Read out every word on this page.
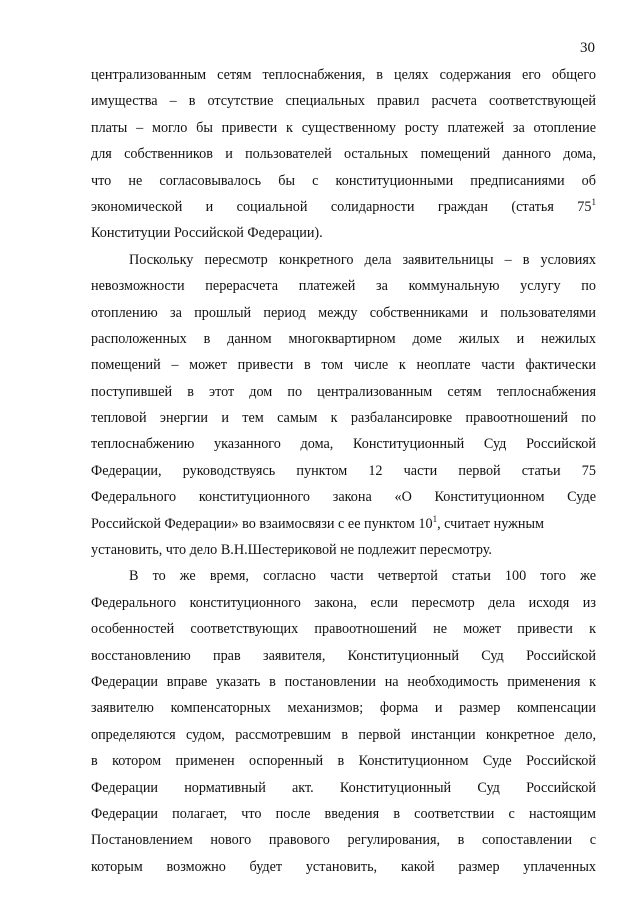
30
централизованным сетям теплоснабжения, в целях содержания его общего
имущества – в отсутствие специальных правил расчета соответствующей
платы – могло бы привести к существенному росту платежей за отопление
для собственников и пользователей остальных помещений данного дома,
что не согласовывалось бы с конституционными предписаниями об
экономической и социальной солидарности граждан (статья $75^1$
Конституции Российской Федерации).
Поскольку пересмотр конкретного дела заявительницы – в условиях
невозможности перерасчета платежей за коммунальную услугу по
отоплению за прошлый период между собственниками и пользователями
расположенных в данном многоквартирном доме жилых и нежилых
помещений – может привести в том числе к неоплате части фактически
поступившей в этот дом по централизованным сетям теплоснабжения
тепловой энергии и тем самым к разбалансировке правоотношений по
теплоснабжению указанного дома, Конституционный Суд Российской
Федерации, руководствуясь пунктом 12 части первой статьи 75
Федерального конституционного закона «О Конституционном Суде
Российской Федерации» во взаимосвязи с ее пунктом $10^1$, считает нужным
установить, что дело В.Н.Шестериковой не подлежит пересмотру.
В то же время, согласно части четвертой статьи 100 того же
Федерального конституционного закона, если пересмотр дела исходя из
особенностей соответствующих правоотношений не может привести к
восстановлению прав заявителя, Конституционный Суд Российской
Федерации вправе указать в постановлении на необходимость применения к
заявителю компенсаторных механизмов; форма и размер компенсации
определяются судом, рассмотревшим в первой инстанции конкретное дело,
в котором применен оспоренный в Конституционном Суде Российской
Федерации нормативный акт. Конституционный Суд Российской
Федерации полагает, что после введения в соответствии с настоящим
Постановлением нового правового регулирования, в сопоставлении с
которым возможно будет установить, какой размер уплаченных
